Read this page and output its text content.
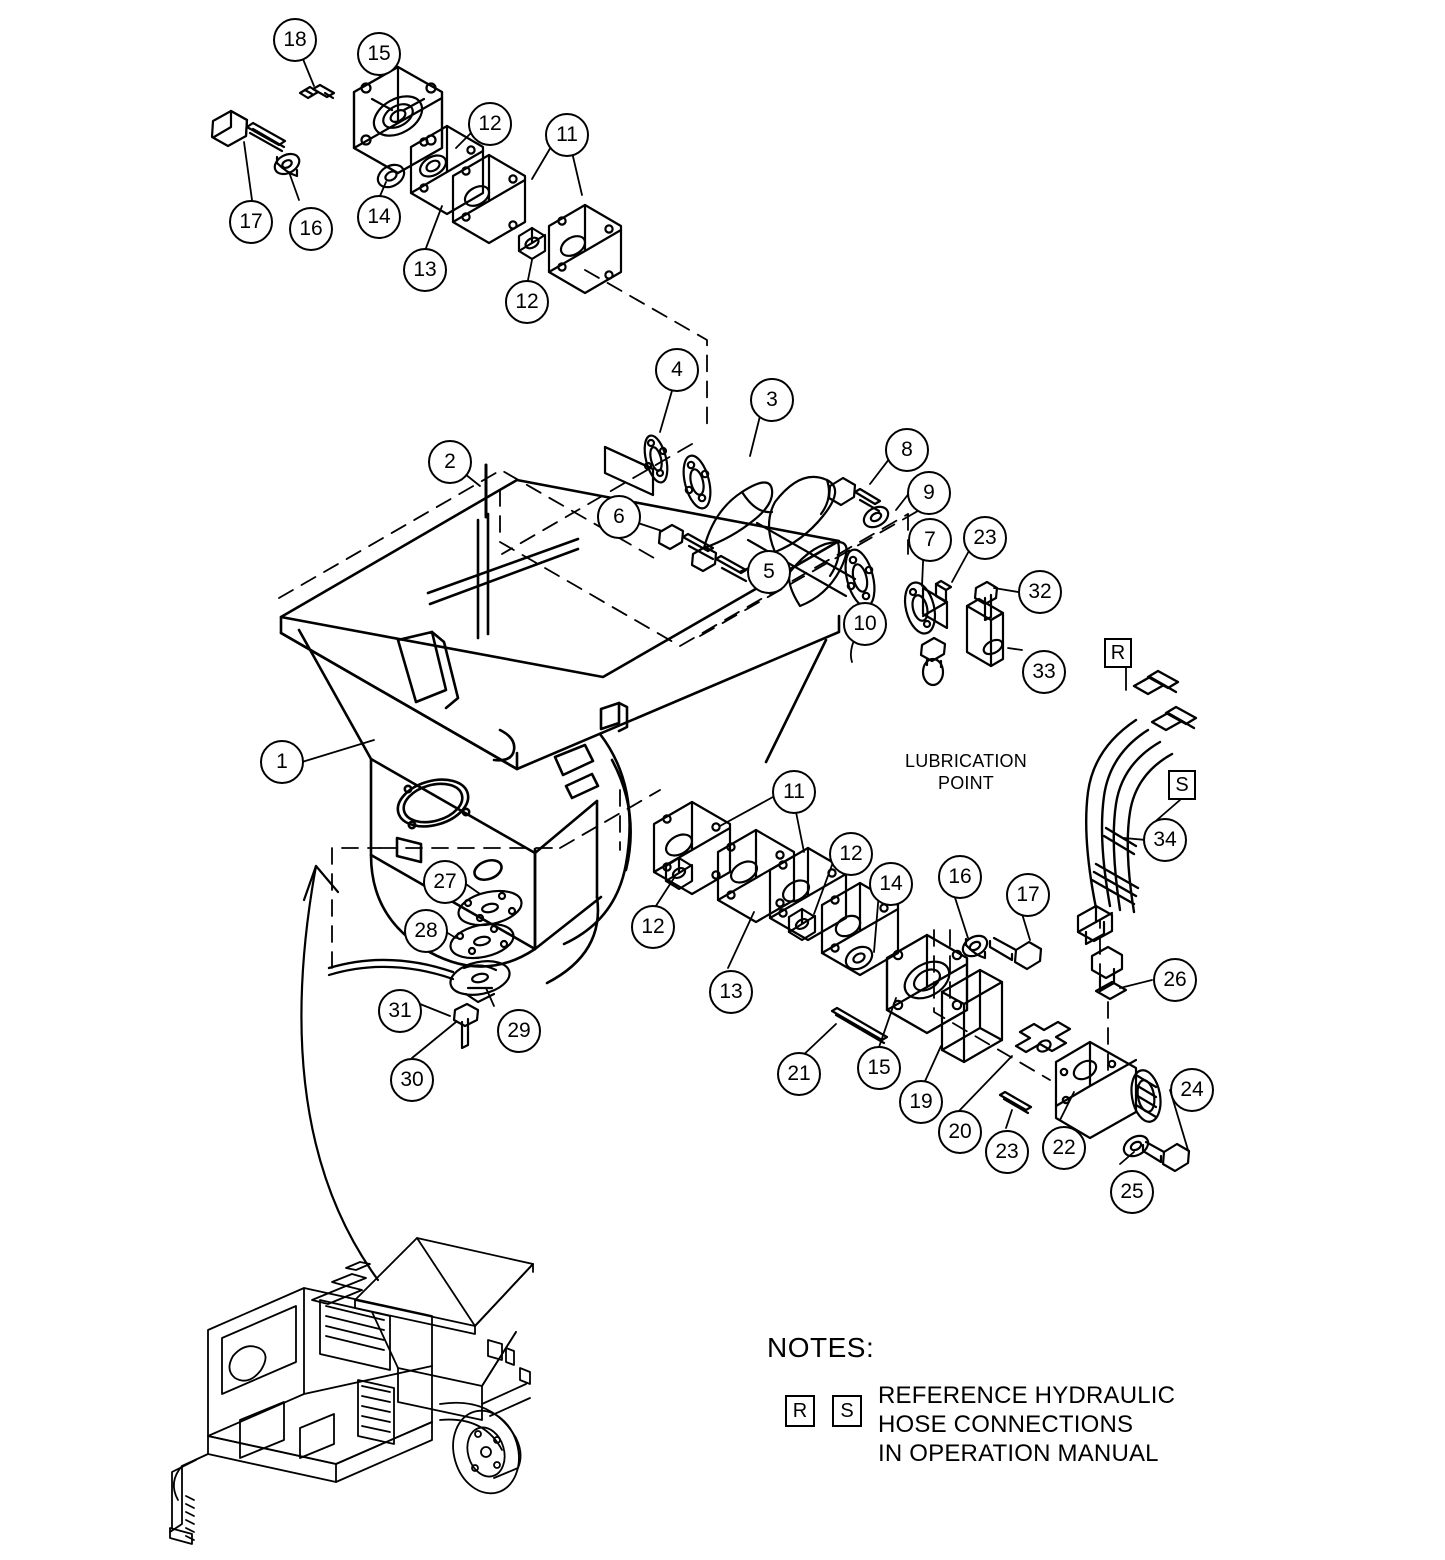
18
15
12	11
17	16
14
13
12
4
3
8
9
2
6
5
7	23
32
10
33
1
11
12
12
13
14	16
17
27
28
31
29
30
34
26
21	15
19
20
23	22
24
25
R
S
LUBRICATION
POINT
NOTES:
R	S
REFERENCE HYDRAULIC
HOSE CONNECTIONS
IN OPERATION MANUAL
